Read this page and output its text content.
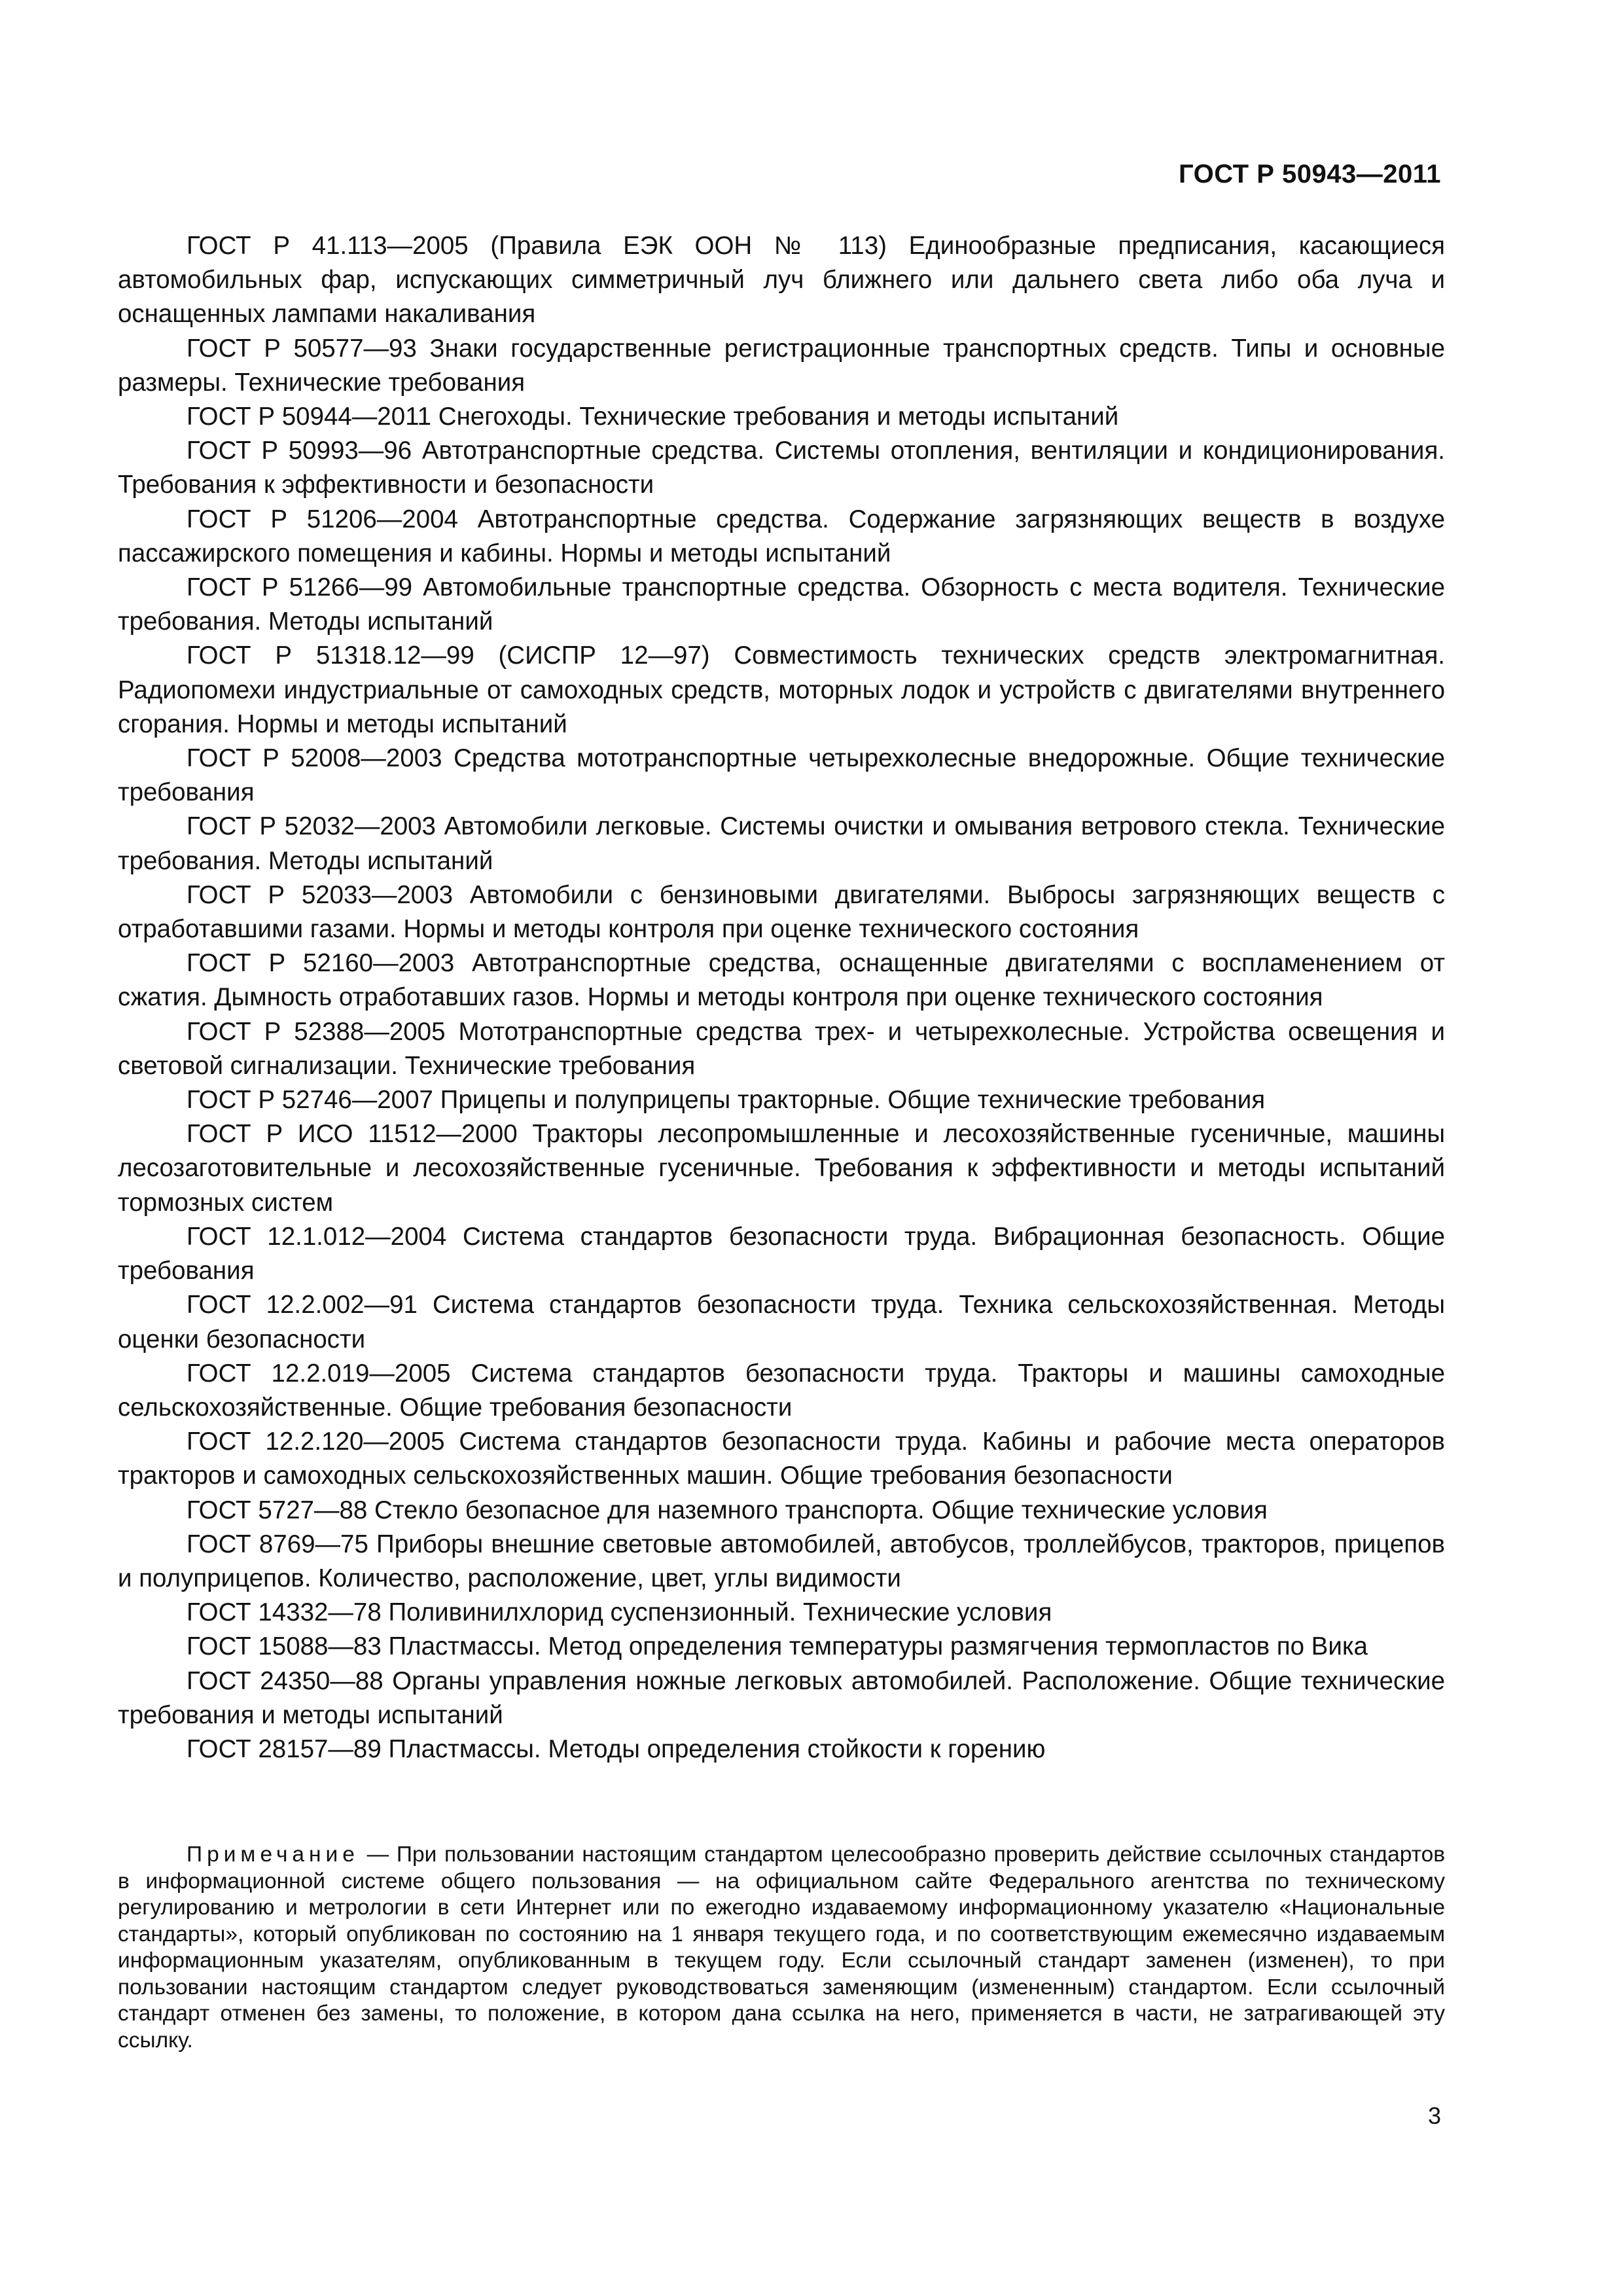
ГОСТ Р 50943—2011

ГОСТ Р 41.113—2005 (Правила ЕЭК ООН № 113) Единообразные предписания, касающиеся автомобильных фар, испускающих симметричный луч ближнего или дальнего света либо оба луча и оснащенных лампами накаливания

ГОСТ Р 50577—93 Знаки государственные регистрационные транспортных средств. Типы и основные размеры. Технические требования

ГОСТ Р 50944—2011 Снегоходы. Технические требования и методы испытаний

ГОСТ Р 50993—96 Автотранспортные средства. Системы отопления, вентиляции и кондиционирования. Требования к эффективности и безопасности

ГОСТ Р 51206—2004 Автотранспортные средства. Содержание загрязняющих веществ в воздухе пассажирского помещения и кабины. Нормы и методы испытаний

ГОСТ Р 51266—99 Автомобильные транспортные средства. Обзорность с места водителя. Технические требования. Методы испытаний

ГОСТ Р 51318.12—99 (СИСПР 12—97) Совместимость технических средств электромагнитная. Радиопомехи индустриальные от самоходных средств, моторных лодок и устройств с двигателями внутреннего сгорания. Нормы и методы испытаний

ГОСТ Р 52008—2003 Средства мототранспортные четырехколесные внедорожные. Общие технические требования

ГОСТ Р 52032—2003 Автомобили легковые. Системы очистки и омывания ветрового стекла. Технические требования. Методы испытаний

ГОСТ Р 52033—2003 Автомобили с бензиновыми двигателями. Выбросы загрязняющих веществ с отработавшими газами. Нормы и методы контроля при оценке технического состояния

ГОСТ Р 52160—2003 Автотранспортные средства, оснащенные двигателями с воспламенением от сжатия. Дымность отработавших газов. Нормы и методы контроля при оценке технического состояния

ГОСТ Р 52388—2005 Мототранспортные средства трех- и четырехколесные. Устройства освещения и световой сигнализации. Технические требования

ГОСТ Р 52746—2007 Прицепы и полуприцепы тракторные. Общие технические требования

ГОСТ Р ИСО 11512—2000 Тракторы лесопромышленные и лесохозяйственные гусеничные, машины лесозаготовительные и лесохозяйственные гусеничные. Требования к эффективности и методы испытаний тормозных систем

ГОСТ 12.1.012—2004 Система стандартов безопасности труда. Вибрационная безопасность. Общие требования

ГОСТ 12.2.002—91 Система стандартов безопасности труда. Техника сельскохозяйственная. Методы оценки безопасности

ГОСТ 12.2.019—2005 Система стандартов безопасности труда. Тракторы и машины самоходные сельскохозяйственные. Общие требования безопасности

ГОСТ 12.2.120—2005 Система стандартов безопасности труда. Кабины и рабочие места операторов тракторов и самоходных сельскохозяйственных машин. Общие требования безопасности

ГОСТ 5727—88 Стекло безопасное для наземного транспорта. Общие технические условия

ГОСТ 8769—75 Приборы внешние световые автомобилей, автобусов, троллейбусов, тракторов, прицепов и полуприцепов. Количество, расположение, цвет, углы видимости

ГОСТ 14332—78 Поливинилхлорид суспензионный. Технические условия

ГОСТ 15088—83 Пластмассы. Метод определения температуры размягчения термопластов по Вика

ГОСТ 24350—88 Органы управления ножные легковых автомобилей. Расположение. Общие технические требования и методы испытаний

ГОСТ 28157—89 Пластмассы. Методы определения стойкости к горению

Примечание — При пользовании настоящим стандартом целесообразно проверить действие ссылочных стандартов в информационной системе общего пользования — на официальном сайте Федерального агентства по техническому регулированию и метрологии в сети Интернет или по ежегодно издаваемому информационному указателю «Национальные стандарты», который опубликован по состоянию на 1 января текущего года, и по соответствующим ежемесячно издаваемым информационным указателям, опубликованным в текущем году. Если ссылочный стандарт заменен (изменен), то при пользовании настоящим стандартом следует руководствоваться заменяющим (измененным) стандартом. Если ссылочный стандарт отменен без замены, то положение, в котором дана ссылка на него, применяется в части, не затрагивающей эту ссылку.

3
